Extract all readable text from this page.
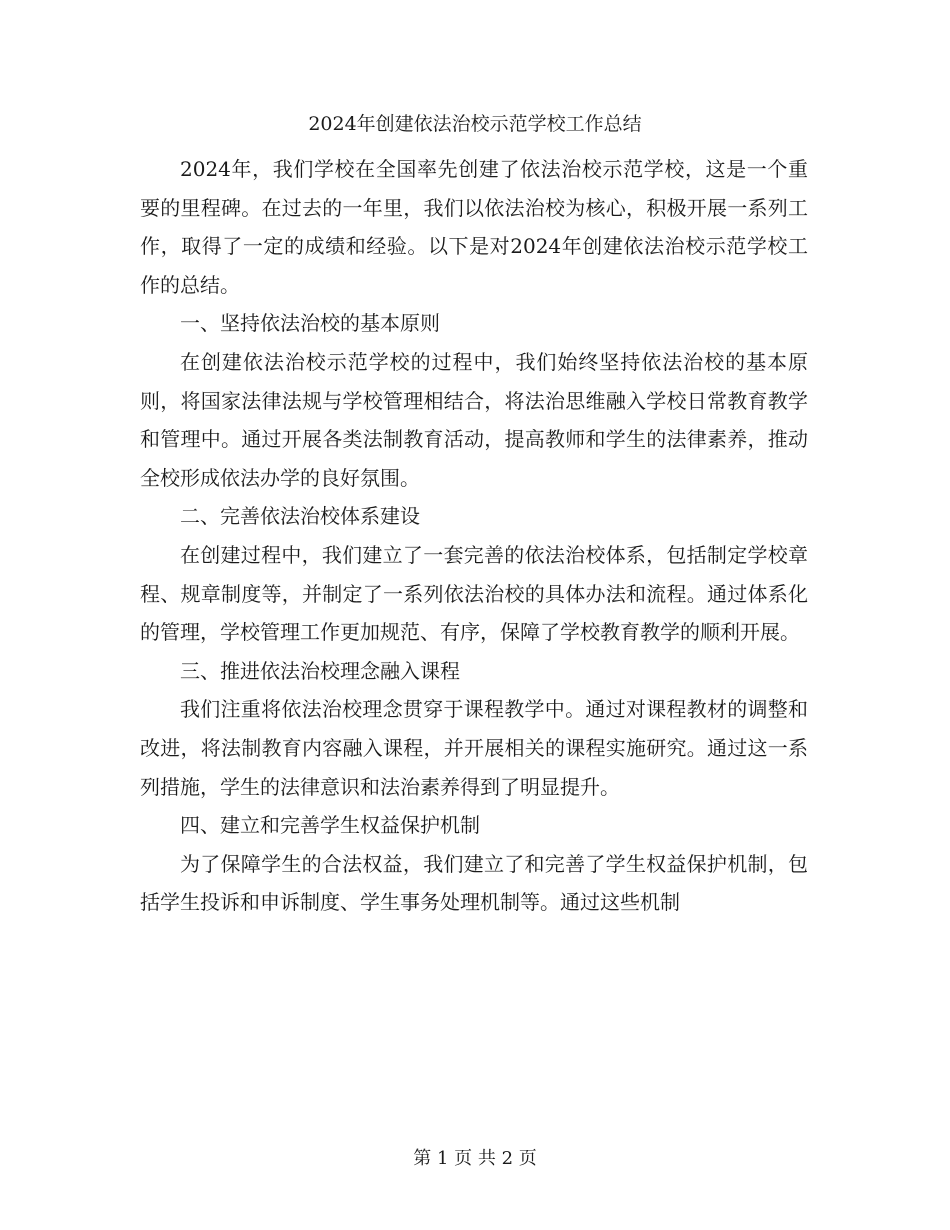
2024年创建依法治校示范学校工作总结

2024年，我们学校在全国率先创建了依法治校示范学校，这是一个重要的里程碑。在过去的一年里，我们以依法治校为核心，积极开展一系列工作，取得了一定的成绩和经验。以下是对2024年创建依法治校示范学校工作的总结。

一、坚持依法治校的基本原则

在创建依法治校示范学校的过程中，我们始终坚持依法治校的基本原则，将国家法律法规与学校管理相结合，将法治思维融入学校日常教育教学和管理中。通过开展各类法制教育活动，提高教师和学生的法律素养，推动全校形成依法办学的良好氛围。

二、完善依法治校体系建设

在创建过程中，我们建立了一套完善的依法治校体系，包括制定学校章程、规章制度等，并制定了一系列依法治校的具体办法和流程。通过体系化的管理，学校管理工作更加规范、有序，保障了学校教育教学的顺利开展。

三、推进依法治校理念融入课程

我们注重将依法治校理念贯穿于课程教学中。通过对课程教材的调整和改进，将法制教育内容融入课程，并开展相关的课程实施研究。通过这一系列措施，学生的法律意识和法治素养得到了明显提升。

四、建立和完善学生权益保护机制

为了保障学生的合法权益，我们建立了和完善了学生权益保护机制，包括学生投诉和申诉制度、学生事务处理机制等。通过这些机制

第 1 页 共 2 页
